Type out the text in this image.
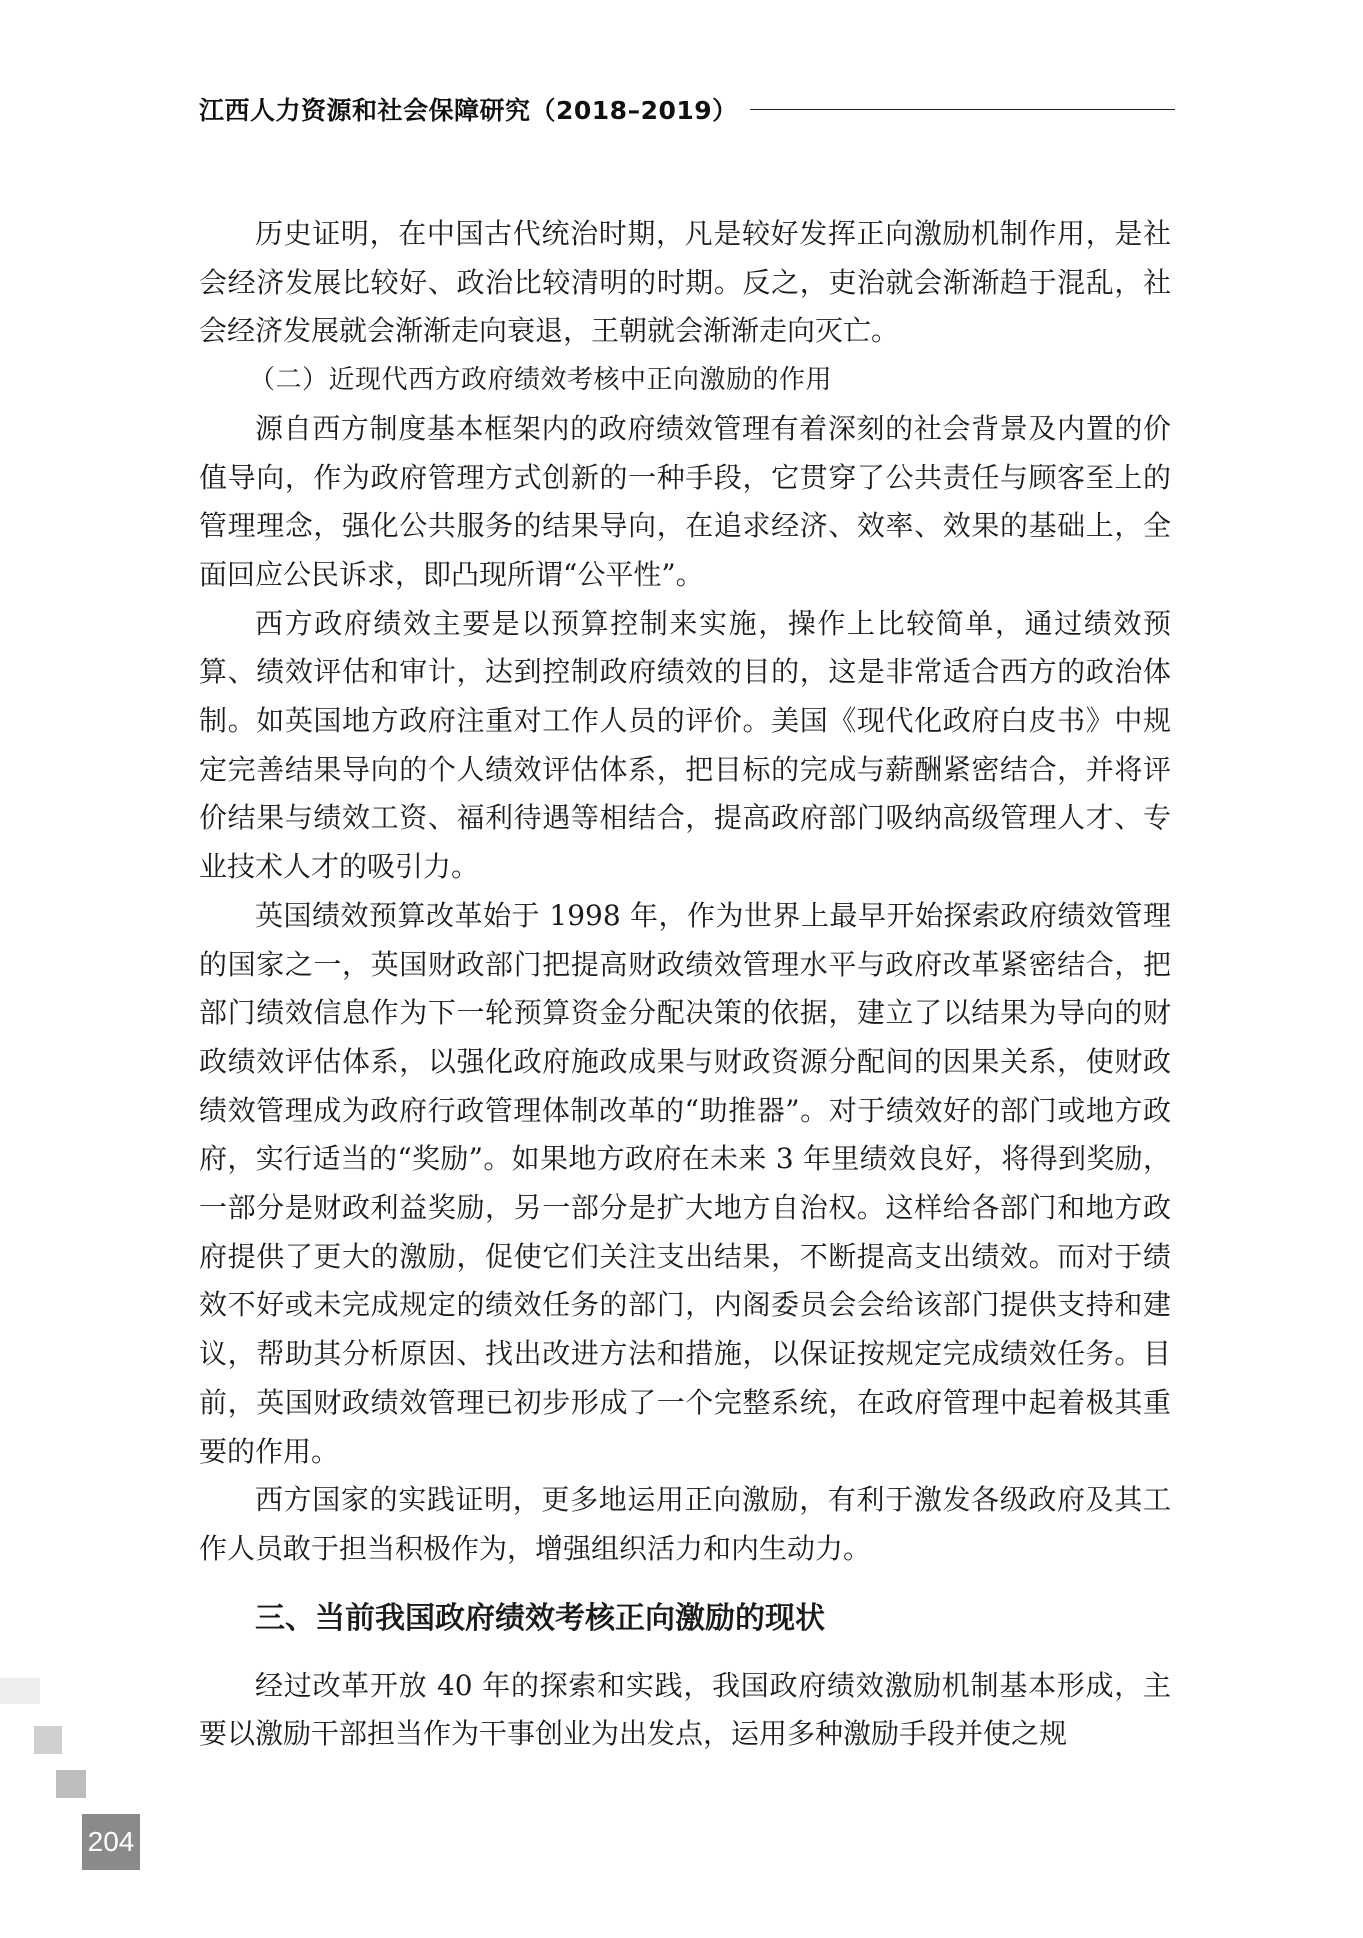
江西人力资源和社会保障研究（2018–2019）

历史证明，在中国古代统治时期，凡是较好发挥正向激励机制作用，是社会经济发展比较好、政治比较清明的时期。反之，吏治就会渐渐趋于混乱，社会经济发展就会渐渐走向衰退，王朝就会渐渐走向灭亡。

（二）近现代西方政府绩效考核中正向激励的作用

源自西方制度基本框架内的政府绩效管理有着深刻的社会背景及内置的价值导向，作为政府管理方式创新的一种手段，它贯穿了公共责任与顾客至上的管理理念，强化公共服务的结果导向，在追求经济、效率、效果的基础上，全面回应公民诉求，即凸现所谓“公平性”。

西方政府绩效主要是以预算控制来实施，操作上比较简单，通过绩效预算、绩效评估和审计，达到控制政府绩效的目的，这是非常适合西方的政治体制。如英国地方政府注重对工作人员的评价。美国《现代化政府白皮书》中规定完善结果导向的个人绩效评估体系，把目标的完成与薪酬紧密结合，并将评价结果与绩效工资、福利待遇等相结合，提高政府部门吸纳高级管理人才、专业技术人才的吸引力。

英国绩效预算改革始于 1998 年，作为世界上最早开始探索政府绩效管理的国家之一，英国财政部门把提高财政绩效管理水平与政府改革紧密结合，把部门绩效信息作为下一轮预算资金分配决策的依据，建立了以结果为导向的财政绩效评估体系，以强化政府施政成果与财政资源分配间的因果关系，使财政绩效管理成为政府行政管理体制改革的“助推器”。对于绩效好的部门或地方政府，实行适当的“奖励”。如果地方政府在未来 3 年里绩效良好，将得到奖励，一部分是财政利益奖励，另一部分是扩大地方自治权。这样给各部门和地方政府提供了更大的激励，促使它们关注支出结果，不断提高支出绩效。而对于绩效不好或未完成规定的绩效任务的部门，内阁委员会会给该部门提供支持和建议，帮助其分析原因、找出改进方法和措施，以保证按规定完成绩效任务。目前，英国财政绩效管理已初步形成了一个完整系统，在政府管理中起着极其重要的作用。

西方国家的实践证明，更多地运用正向激励，有利于激发各级政府及其工作人员敢于担当积极作为，增强组织活力和内生动力。

三、当前我国政府绩效考核正向激励的现状

经过改革开放 40 年的探索和实践，我国政府绩效激励机制基本形成，主要以激励干部担当作为干事创业为出发点，运用多种激励手段并使之规

204
